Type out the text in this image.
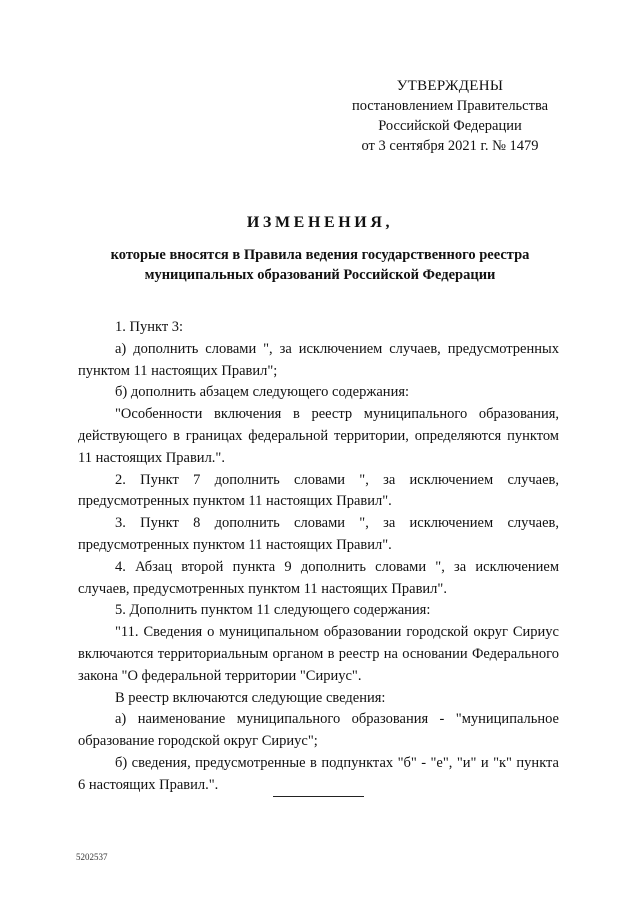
УТВЕРЖДЕНЫ
постановлением Правительства
Российской Федерации
от 3 сентября 2021 г. № 1479
ИЗМЕНЕНИЯ,
которые вносятся в Правила ведения государственного реестра
муниципальных образований Российской Федерации

1. Пункт 3:

а) дополнить словами ", за исключением случаев, предусмотренных пунктом 11 настоящих Правил";

б) дополнить абзацем следующего содержания:

"Особенности включения в реестр муниципального образования, действующего в границах федеральной территории, определяются пунктом 11 настоящих Правил.".

2. Пункт 7 дополнить словами ", за исключением случаев, предусмотренных пунктом 11 настоящих Правил".

3. Пункт 8 дополнить словами ", за исключением случаев, предусмотренных пунктом 11 настоящих Правил".

4. Абзац второй пункта 9 дополнить словами ", за исключением случаев, предусмотренных пунктом 11 настоящих Правил".

5. Дополнить пунктом 11 следующего содержания:

"11. Сведения о муниципальном образовании городской округ Сириус включаются территориальным органом в реестр на основании Федерального закона "О федеральной территории "Сириус".

В реестр включаются следующие сведения:

а) наименование муниципального образования - "муниципальное образование городской округ Сириус";

б) сведения, предусмотренные в подпунктах "б" - "е", "и" и "к" пункта 6 настоящих Правил.".

5202537
